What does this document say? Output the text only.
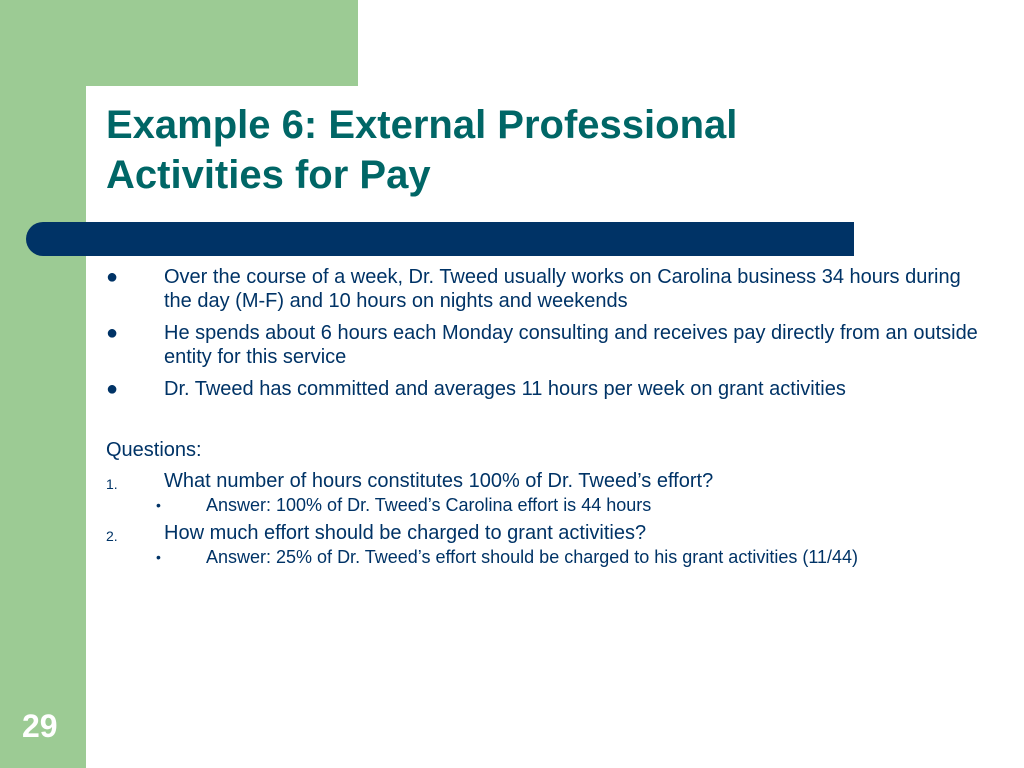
Example 6: External Professional
Activities for Pay
● Over the course of a week, Dr. Tweed usually works on Carolina business 34 hours during the day (M-F) and 10 hours on nights and weekends
● He spends about 6 hours each Monday consulting and receives pay directly from an outside entity for this service
● Dr. Tweed has committed and averages 11 hours per week on grant activities
Questions:
1. What number of hours constitutes 100% of Dr. Tweed’s effort?
•	Answer: 100% of Dr. Tweed’s Carolina effort is 44 hours
2. How much effort should be charged to grant activities?
•	Answer: 25% of Dr. Tweed’s effort should be charged to his grant activities (11/44)
29
